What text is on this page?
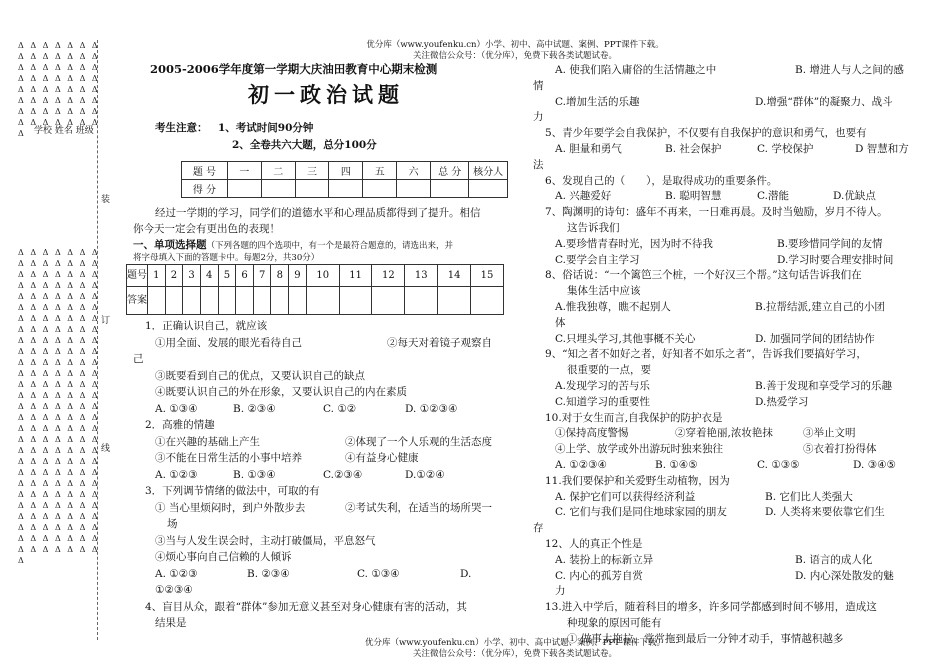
优分库（www.youfenku.cn）小学、初中、高中试题、案例、PPT课件下载。
关注微信公众号：（优分库），免费下载各类试题试卷。
Δ Δ Δ Δ Δ Δ Δ Δ Δ Δ Δ Δ Δ Δ Δ Δ Δ Δ Δ Δ Δ Δ Δ Δ Δ Δ Δ Δ Δ Δ Δ Δ Δ Δ Δ Δ Δ Δ Δ Δ Δ Δ Δ Δ Δ Δ Δ Δ Δ Δ Δ Δ Δ Δ Δ Δ Δ 学校 姓名 班级
Δ Δ Δ Δ Δ Δ Δ Δ Δ Δ Δ Δ Δ Δ Δ Δ Δ Δ Δ Δ Δ Δ Δ Δ Δ Δ Δ Δ Δ Δ Δ Δ Δ Δ Δ Δ Δ Δ Δ Δ Δ Δ Δ Δ Δ Δ Δ Δ Δ Δ Δ Δ Δ Δ Δ Δ Δ Δ Δ Δ Δ Δ Δ Δ Δ Δ Δ Δ Δ Δ Δ Δ Δ Δ Δ Δ Δ Δ Δ Δ Δ Δ Δ Δ Δ Δ Δ Δ Δ Δ Δ Δ Δ Δ Δ Δ Δ Δ Δ Δ Δ Δ Δ Δ Δ Δ Δ Δ Δ Δ Δ Δ Δ Δ Δ Δ Δ Δ Δ Δ Δ Δ Δ Δ Δ Δ Δ Δ Δ Δ Δ Δ Δ Δ Δ Δ Δ Δ Δ Δ Δ Δ Δ Δ Δ Δ Δ Δ Δ Δ Δ Δ Δ Δ Δ Δ Δ Δ Δ Δ Δ Δ Δ Δ Δ Δ Δ Δ Δ Δ Δ Δ Δ Δ Δ Δ Δ Δ Δ Δ Δ Δ Δ Δ Δ Δ Δ Δ Δ Δ Δ Δ Δ Δ Δ Δ Δ
装
订
线
2005-2006学年度第一学期大庆油田教育中心期末检测
初一政治试题
考生注意： 1、考试时间90分钟
2、全卷共六大题，总分100分
题 号	一	二	三	四	五	六	总 分	核分人
得 分								
经过一学期的学习，同学们的道德水平和心理品质都得到了提升。相信
你今天一定会有更出色的表现！
一、单项选择题（下列各题的四个选项中，有一个是最符合题意的，请选出来，并
将字母填入下面的答题卡中。每题2分，共30分）
题号	1	2	3	4	5	6	7	8	9	10	11	12	13	14	15
答案															
1．正确认识自己，就应该
①用全面、发展的眼光看待自己	②每天对着镜子观察自
己
③既要看到自己的优点，又要认识自己的缺点
④既要认识自己的外在形象，又要认识自己的内在素质
A. ①③④	B. ②③④	C. ①②	D. ①②③④
2．高雅的情趣
①在兴趣的基础上产生	②体现了一个人乐观的生活态度
③不能在日常生活的小事中培养	④有益身心健康
A. ①②③	B. ①③④	C.②③④	D.①②④
3．下列调节情绪的做法中，可取的有
① 当心里烦闷时，到户外散步去	②考试失利，在适当的场所哭一
场
③当与人发生误会时，主动打破僵局，平息怒气
④烦心事向自己信赖的人倾诉
A. ①②③	B. ②③④	C. ①③④	D.
①②③④
4、盲目从众，跟着“群体”参加无意义甚至对身心健康有害的活动，其
结果是
A. 使我们陷入庸俗的生活情趣之中	B. 增进人与人之间的感
情
C.增加生活的乐趣	D.增强“群体”的凝聚力、战斗
力
5、青少年要学会自我保护，不仅要有自我保护的意识和勇气，也要有
A. 胆量和勇气	B. 社会保护	C. 学校保护	D 智慧和方
法
6、发现自己的（　　），是取得成功的重要条件。
A. 兴趣爱好	B. 聪明智慧	C.潜能	D.优缺点
7、陶渊明的诗句：盛年不再来，一日难再晨。及时当勉励，岁月不待人。
这告诉我们
A.要珍惜青春时光，因为时不待我	B.要珍惜同学间的友情
C.要学会自主学习	D.学习时要合理安排时间
8、俗话说：“一个篱笆三个桩，一个好汉三个帮。”这句话告诉我们在
集体生活中应该
A.惟我独尊，瞧不起别人	B.拉帮结派,建立自己的小团
体
C.只埋头学习,其他事概不关心	D. 加强同学间的团结协作
9、“知之者不如好之者，好知者不如乐之者”，告诉我们要搞好学习，
很重要的一点，要
A.发现学习的苦与乐	B.善于发现和享受学习的乐趣
C.知道学习的重要性	D.热爱学习
10.对于女生而言,自我保护的防护衣是
①保持高度警惕	②穿着艳丽,浓妆艳抹	③举止文明
④上学、放学或外出游玩时独来独往	⑤衣着打扮得体
A. ①②③④	B. ①④⑤	C. ①③⑤	D. ③④⑤
11.我们要保护和关爱野生动植物，因为
A. 保护它们可以获得经济利益	B. 它们比人类强大
C. 它们与我们是同住地球家园的朋友	D. 人类将来要依靠它们生
存
12、人的真正个性是
A. 装扮上的标新立异	B. 语言的成人化
C. 内心的孤芳自赏	D. 内心深处散发的魅
力
13.进入中学后，随着科目的增多，许多同学都感到时间不够用，造成这
种现象的原因可能有
① 做事太拖拉，常常拖到最后一分钟才动手，事情越积越多
优分库（www.youfenku.cn）小学、初中、高中试题、案例、PPT 课件下载。
关注微信公众号：（优分库），免费下载各类试题试卷。
